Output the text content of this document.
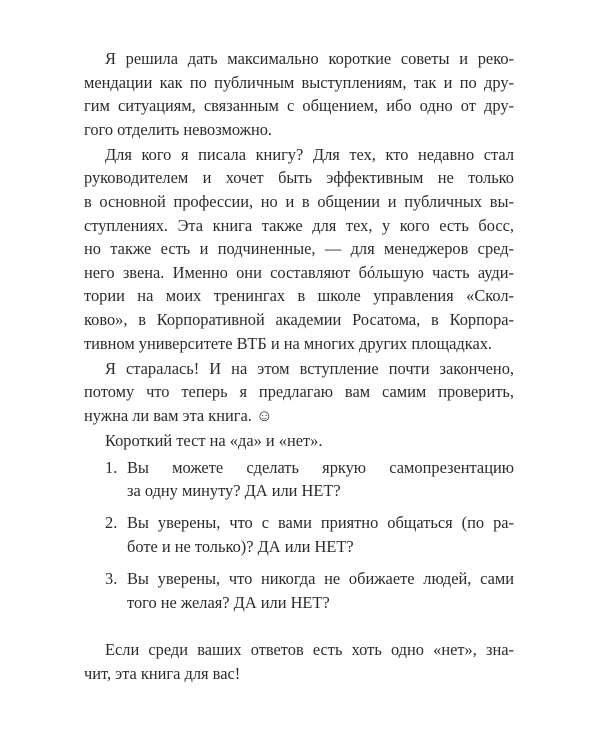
Я решила дать максимально короткие советы и реко-
мендации как по публичным выступлениям, так и по дру-
гим ситуациям, связанным с общением, ибо одно от дру-
гого отделить невозможно.
Для кого я писала книгу? Для тех, кто недавно стал
руководителем и хочет быть эффективным не только
в основной профессии, но и в общении и публичных вы-
ступлениях. Эта книга также для тех, у кого есть босс,
но также есть и подчиненные, — для менеджеров сред-
него звена. Именно они составляют бóльшую часть ауди-
тории на моих тренингах в школе управления «Скол-
ково», в Корпоративной академии Росатома, в Корпора-
тивном университете ВТБ и на многих других площадках.
Я старалась! И на этом вступление почти закончено,
потому что теперь я предлагаю вам самим проверить,
нужна ли вам эта книга. ☺
Короткий тест на «да» и «нет».
1. Вы можете сделать яркую самопрезентацию
за одну минуту? ДА или НЕТ?
2. Вы уверены, что с вами приятно общаться (по ра-
боте и не только)? ДА или НЕТ?
3. Вы уверены, что никогда не обижаете людей, сами
того не желая? ДА или НЕТ?
Если среди ваших ответов есть хоть одно «нет», зна-
чит, эта книга для вас!
